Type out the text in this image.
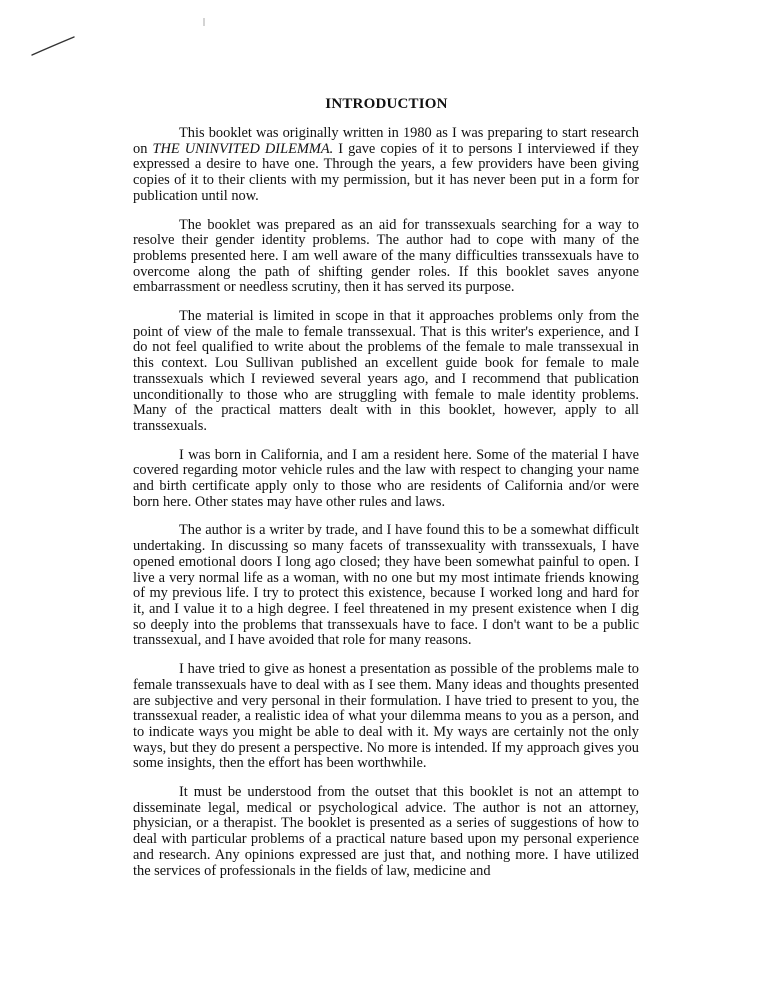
INTRODUCTION

This booklet was originally written in 1980 as I was preparing to start research on THE UNINVITED DILEMMA. I gave copies of it to persons I interviewed if they expressed a desire to have one. Through the years, a few providers have been giving copies of it to their clients with my permission, but it has never been put in a form for publication until now.

The booklet was prepared as an aid for transsexuals searching for a way to resolve their gender identity problems. The author had to cope with many of the problems presented here. I am well aware of the many difficulties transsexuals have to overcome along the path of shifting gender roles. If this booklet saves anyone embarrassment or needless scrutiny, then it has served its purpose.

The material is limited in scope in that it approaches problems only from the point of view of the male to female transsexual. That is this writer's experience, and I do not feel qualified to write about the problems of the female to male transsexual in this context. Lou Sullivan published an excellent guide book for female to male transsexuals which I reviewed several years ago, and I recommend that publication unconditionally to those who are struggling with female to male identity problems. Many of the practical matters dealt with in this booklet, however, apply to all transsexuals.

I was born in California, and I am a resident here. Some of the material I have covered regarding motor vehicle rules and the law with respect to changing your name and birth certificate apply only to those who are residents of California and/or were born here. Other states may have other rules and laws.

The author is a writer by trade, and I have found this to be a somewhat difficult undertaking. In discussing so many facets of transsexuality with transsexuals, I have opened emotional doors I long ago closed; they have been somewhat painful to open. I live a very normal life as a woman, with no one but my most intimate friends knowing of my previous life. I try to protect this existence, because I worked long and hard for it, and I value it to a high degree. I feel threatened in my present existence when I dig so deeply into the problems that transsexuals have to face. I don't want to be a public transsexual, and I have avoided that role for many reasons.

I have tried to give as honest a presentation as possible of the problems male to female transsexuals have to deal with as I see them. Many ideas and thoughts presented are subjective and very personal in their formulation. I have tried to present to you, the transsexual reader, a realistic idea of what your dilemma means to you as a person, and to indicate ways you might be able to deal with it. My ways are certainly not the only ways, but they do present a perspective. No more is intended. If my approach gives you some insights, then the effort has been worthwhile.

It must be understood from the outset that this booklet is not an attempt to disseminate legal, medical or psychological advice. The author is not an attorney, physician, or a therapist. The booklet is presented as a series of suggestions of how to deal with particular problems of a practical nature based upon my personal experience and research. Any opinions expressed are just that, and nothing more. I have utilized the services of professionals in the fields of law, medicine and
